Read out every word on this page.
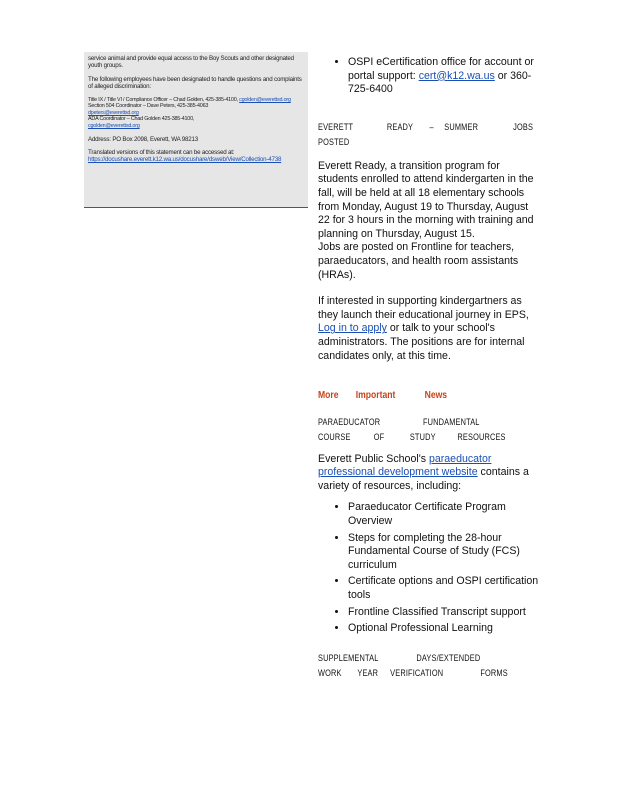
service animal and provide equal access to the Boy Scouts and other designated youth groups.

The following employees have been designated to handle questions and complaints of alleged discrimination:

Title IX / Title VI / Compliance Officer – Chad Golden, 425-385-4100, cgolden@everettsd.org
Section 504 Coordinator – Dave Peters, 425-385-4063
dpeters@everettsd.org
ADA Coordinator – Chad Golden 425-385-4100,
cgolden@everettsd.org

Address: PO Box 2098, Everett, WA 98213

Translated versions of this statement can be accessed at:
https://docushare.everett.k12.wa.us/docushare/dsweb/View/Collection-4738

• OSPI eCertification office for account or portal support: cert@k12.wa.us or 360-725-6400
EVERETT	READY – SUMMER	JOBS
POSTED

Everett Ready, a transition program for students enrolled to attend kindergarten in the fall, will be held at all 18 elementary schools

from Monday, August 19 to Thursday, August 22 for 3 hours in the morning with training and planning on Thursday, August 15.

Jobs are posted on Frontline for teachers, paraeducators, and health room assistants (HRAs).

If interested in supporting kindergartners as they launch their educational journey in EPS, Log in to apply or talk to your school's administrators. The positions are for internal candidates only, at this time.

More Important	News
PARAEDUCATOR	FUNDAMENTAL
COURSE	OF	STUDY RESOURCES

Everett Public School's paraeducator professional development website contains a variety of resources, including:

• Paraeducator Certificate Program Overview
• Steps for completing the 28-hour Fundamental Course of Study (FCS) curriculum
• Certificate options and OSPI certification tools
• Frontline Classified Transcript support
• Optional Professional Learning
SUPPLEMENTAL	DAYS/EXTENDED
WORK YEAR VERIFICATION	FORMS
